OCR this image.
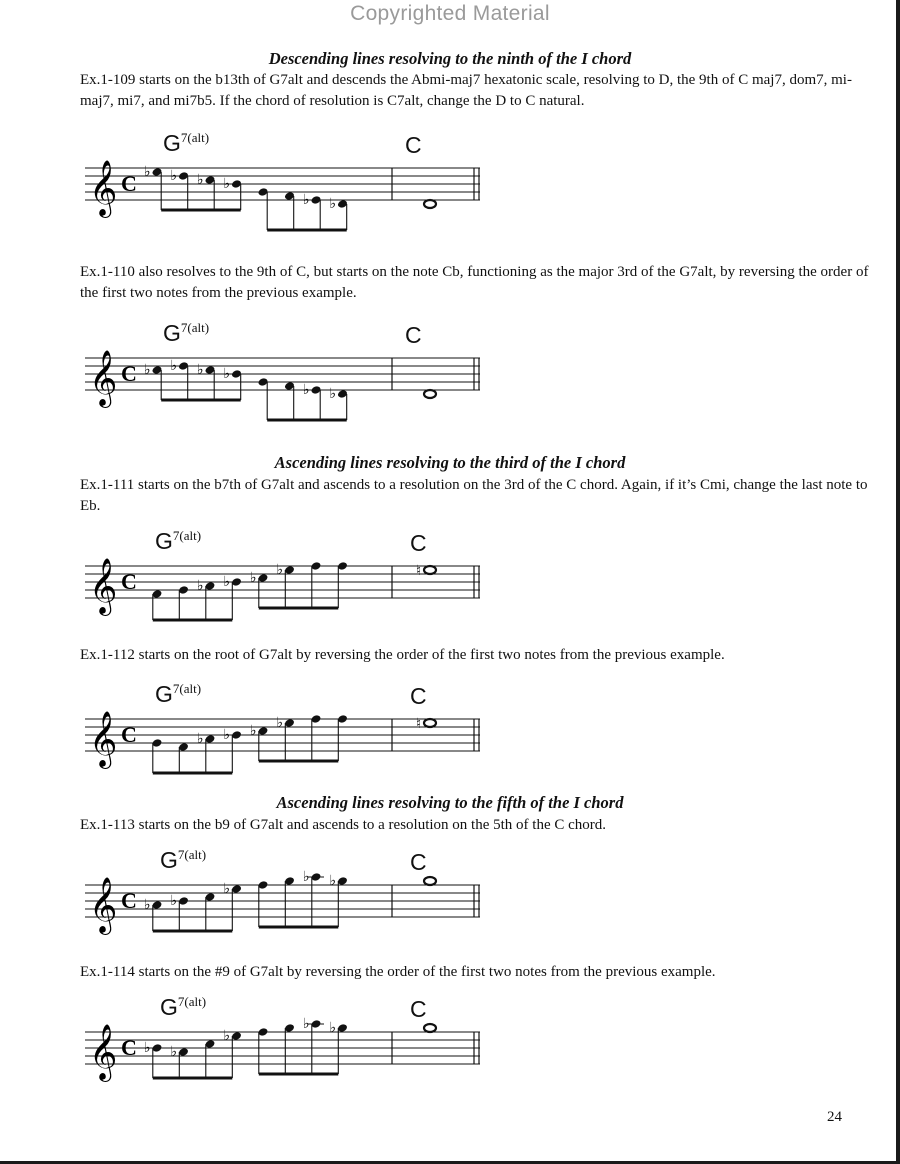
Copyrighted Material
Descending lines resolving to the ninth of the I chord
Ex.1-109 starts on the b13th of G7alt and descends the Abmi-maj7 hexatonic scale, resolving to D, the 9th of C maj7, dom7, mi-maj7, mi7, and mi7b5. If the chord of resolution is C7alt, change the D to C natural.
𝄞 C ♭ ♭ ♭ ♭
♭ ♭
$G^{7(alt)}$	C
Ex.1-110 also resolves to the 9th of C, but starts on the note Cb, functioning as the major 3rd of the G7alt, by reversing the order of the first two notes from the previous example.
𝄞 C ♭ ♭ ♭ ♭
♭ ♭
$G^{7(alt)}$	C
Ascending lines resolving to the third of the I chord
Ex.1-111 starts on the b7th of G7alt and ascends to a resolution on the 3rd of the C chord. Again, if it’s Cmi, change the last note to Eb.
𝄞 C	♭ ♭ ♭ ♭	♮
$G^{7(alt)}$	C
Ex.1-112 starts on the root of G7alt by reversing the order of the first two notes from the previous example.
𝄞 C	♭ ♭ ♭ ♭	♮
$G^{7(alt)}$	C
Ascending lines resolving to the fifth of the I chord
Ex.1-113 starts on the b9 of G7alt and ascends to a resolution on the 5th of the C chord.
𝄞 C ♭ ♭
♭
♭ ♭
$G^{7(alt)}$	C
Ex.1-114 starts on the #9 of G7alt by reversing the order of the first two notes from the previous example.
𝄞 C ♭ ♭
♭
♭ ♭
$G^{7(alt)}$	C
24
